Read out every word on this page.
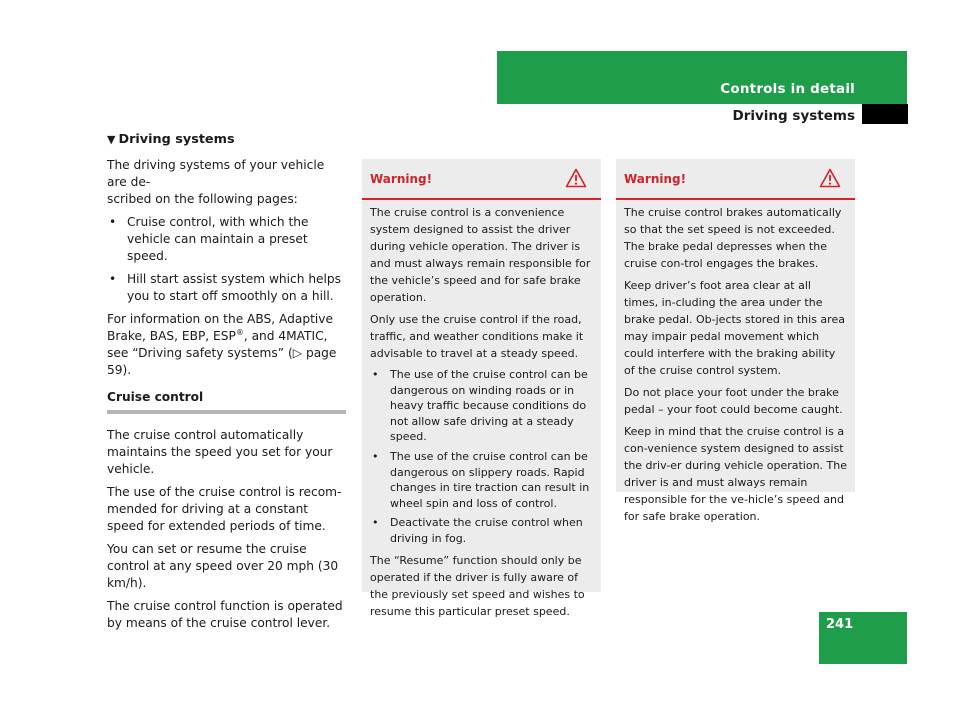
Controls in detail
Driving systems
▼ Driving systems

The driving systems of your vehicle are de-
scribed on the following pages:

• Cruise control, with which the vehicle can maintain a preset speed.
• Hill start assist system which helps you to start off smoothly on a hill.

For information on the ABS, Adaptive Brake, BAS, EBP, ESP®, and 4MATIC, see “Driving safety systems” (▷ page 59).

Cruise control

The cruise control automatically maintains the speed you set for your vehicle.

The use of the cruise control is recom-mended for driving at a constant speed for extended periods of time.

You can set or resume the cruise control at any speed over 20 mph (30 km/h).

The cruise control function is operated by means of the cruise control lever.

Warning!

The cruise control is a convenience system designed to assist the driver during vehicle operation. The driver is and must always remain responsible for the vehicle’s speed and for safe brake operation.

Only use the cruise control if the road, traffic, and weather conditions make it advisable to travel at a steady speed.

• The use of the cruise control can be dangerous on winding roads or in heavy traffic because conditions do not allow safe driving at a steady speed.
• The use of the cruise control can be dangerous on slippery roads. Rapid changes in tire traction can result in wheel spin and loss of control.
• Deactivate the cruise control when driving in fog.

The “Resume” function should only be operated if the driver is fully aware of the previously set speed and wishes to resume this particular preset speed.

Warning!

The cruise control brakes automatically so that the set speed is not exceeded. The brake pedal depresses when the cruise con-trol engages the brakes.

Keep driver’s foot area clear at all times, in-cluding the area under the brake pedal. Ob-jects stored in this area may impair pedal movement which could interfere with the braking ability of the cruise control system.

Do not place your foot under the brake pedal – your foot could become caught.

Keep in mind that the cruise control is a con-venience system designed to assist the driv-er during vehicle operation. The driver is and must always remain responsible for the ve-hicle’s speed and for safe brake operation.

241
